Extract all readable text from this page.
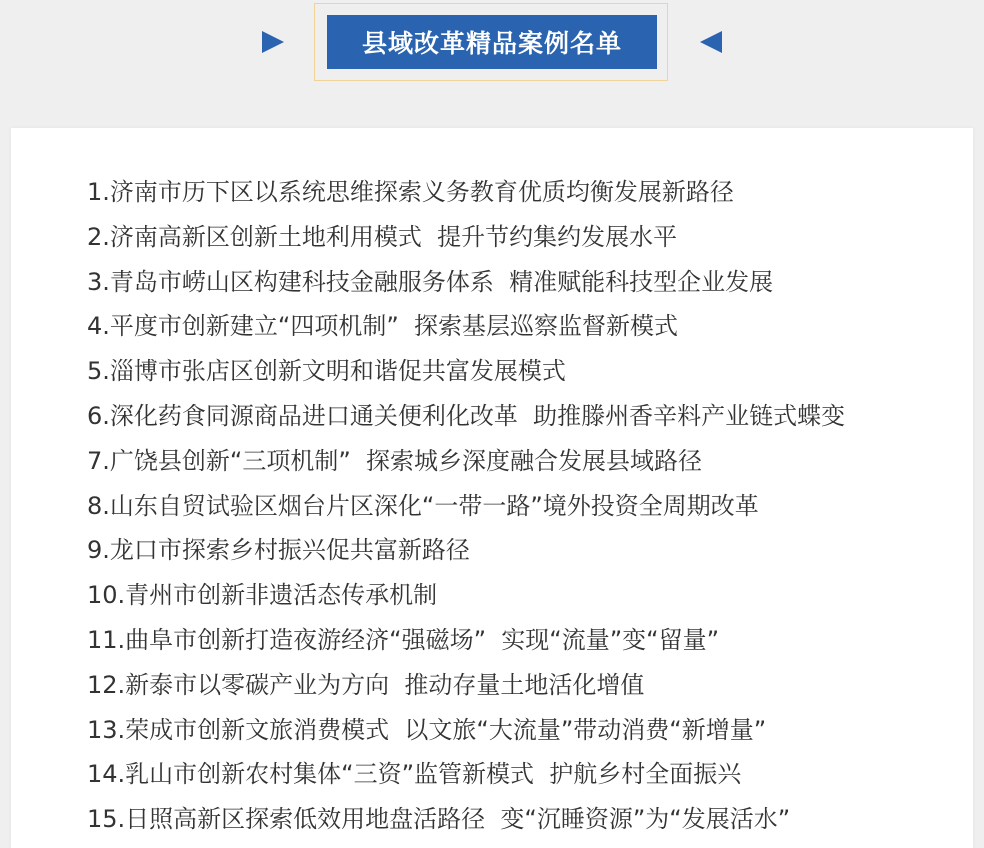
县域改革精品案例名单
1.济南市历下区以系统思维探索义务教育优质均衡发展新路径
2.济南高新区创新土地利用模式  提升节约集约发展水平
3.青岛市崂山区构建科技金融服务体系  精准赋能科技型企业发展
4.平度市创新建立“四项机制”  探索基层巡察监督新模式
5.淄博市张店区创新文明和谐促共富发展模式
6.深化药食同源商品进口通关便利化改革  助推滕州香辛料产业链式蝶变
7.广饶县创新“三项机制”  探索城乡深度融合发展县域路径
8.山东自贸试验区烟台片区深化“一带一路”境外投资全周期改革
9.龙口市探索乡村振兴促共富新路径
10.青州市创新非遗活态传承机制
11.曲阜市创新打造夜游经济“强磁场”  实现“流量”变“留量”
12.新泰市以零碳产业为方向  推动存量土地活化增值
13.荣成市创新文旅消费模式  以文旅“大流量”带动消费“新增量”
14.乳山市创新农村集体“三资”监管新模式  护航乡村全面振兴
15.日照高新区探索低效用地盘活路径  变“沉睡资源”为“发展活水”
